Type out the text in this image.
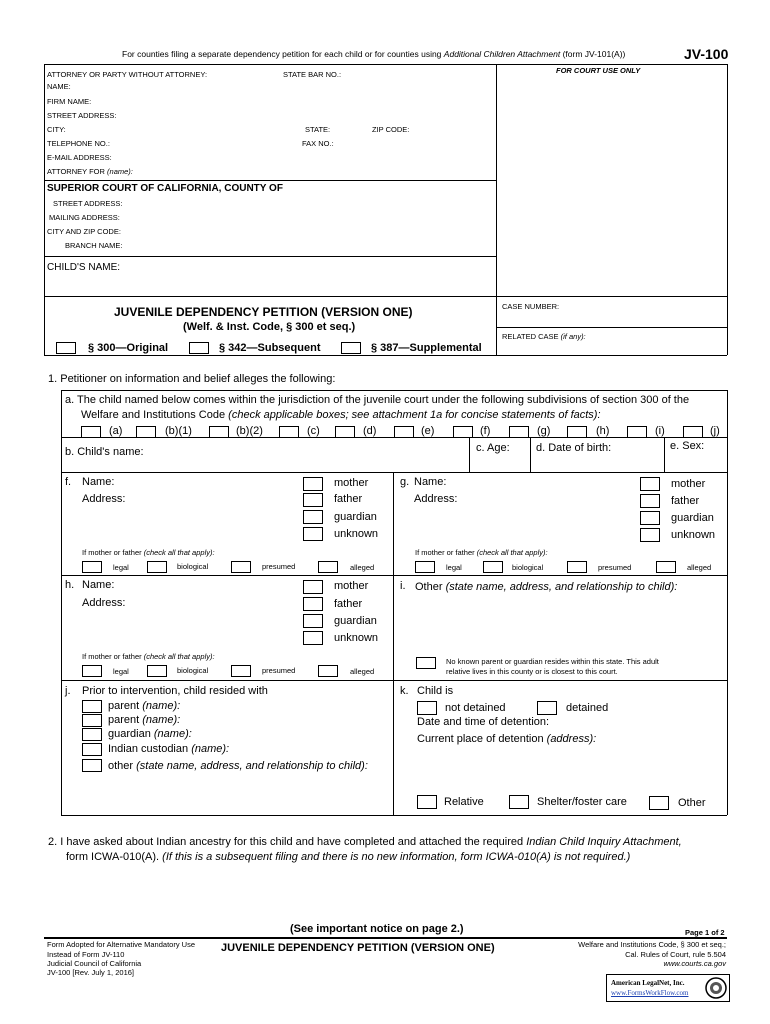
For counties filing a separate dependency petition for each child or for counties using Additional Children Attachment (form JV-101(A))	JV-100
FOR COURT USE ONLY
ATTORNEY OR PARTY WITHOUT ATTORNEY:	STATE BAR NO.:
NAME:
FIRM NAME:
STREET ADDRESS:
CITY:	STATE:	ZIP CODE:
TELEPHONE NO.:	FAX NO.:
E-MAIL ADDRESS:
ATTORNEY FOR (name):
SUPERIOR COURT OF CALIFORNIA, COUNTY OF
STREET ADDRESS:
MAILING ADDRESS:
CITY AND ZIP CODE:
BRANCH NAME:
CHILD'S NAME:
JUVENILE DEPENDENCY PETITION (VERSION ONE)
(Welf. & Inst. Code, § 300 et seq.)
CASE NUMBER:
RELATED CASE (if any):
§ 300—Original	§ 342—Subsequent	§ 387—Supplemental
1. Petitioner on information and belief alleges the following:
a. The child named below comes within the jurisdiction of the juvenile court under the following subdivisions of section 300 of the
Welfare and Institutions Code (check applicable boxes; see attachment 1a for concise statements of facts):
(a)	(b)(1)	(b)(2)	(c)	(d)	(e)	(f)	(g)	(h)	(i)	(j)
b. Child's name:	c. Age: d. Date of birth:	e. Sex:
f. Name:
Address:
mother
father
guardian
unknown
If mother or father (check all that apply):
legal	biological	presumed	alleged
g. Name:
Address:
mother
father
guardian
unknown
If mother or father (check all that apply):
legal	biological	presumed	alleged
h. Name:
Address:
mother
father
guardian
unknown
If mother or father (check all that apply):
legal	biological	presumed	alleged
i. Other (state name, address, and relationship to child):
No known parent or guardian resides within this state. This adult
relative lives in this county or is closest to this court.
j. Prior to intervention, child resided with
parent (name):
parent (name):
guardian (name):
Indian custodian (name):
other (state name, address, and relationship to child):
k. Child is
not detained	detained
Date and time of detention:
Current place of detention (address):
Relative	Shelter/foster care	Other
2. I have asked about Indian ancestry for this child and have completed and attached the required Indian Child Inquiry Attachment,
form ICWA-010(A). (If this is a subsequent filing and there is no new information, form ICWA-010(A) is not required.)
(See important notice on page 2.)	Page 1 of 2
Form Adopted for Alternative Mandatory Use
Instead of Form JV-110
Judicial Council of California
JV-100 [Rev. July 1, 2016]
JUVENILE DEPENDENCY PETITION (VERSION ONE)	Welfare and Institutions Code, § 300 et seq.;
Cal. Rules of Court, rule 5.504
www.courts.ca.gov
American LegalNet, Inc.
www.FormsWorkFlow.com
